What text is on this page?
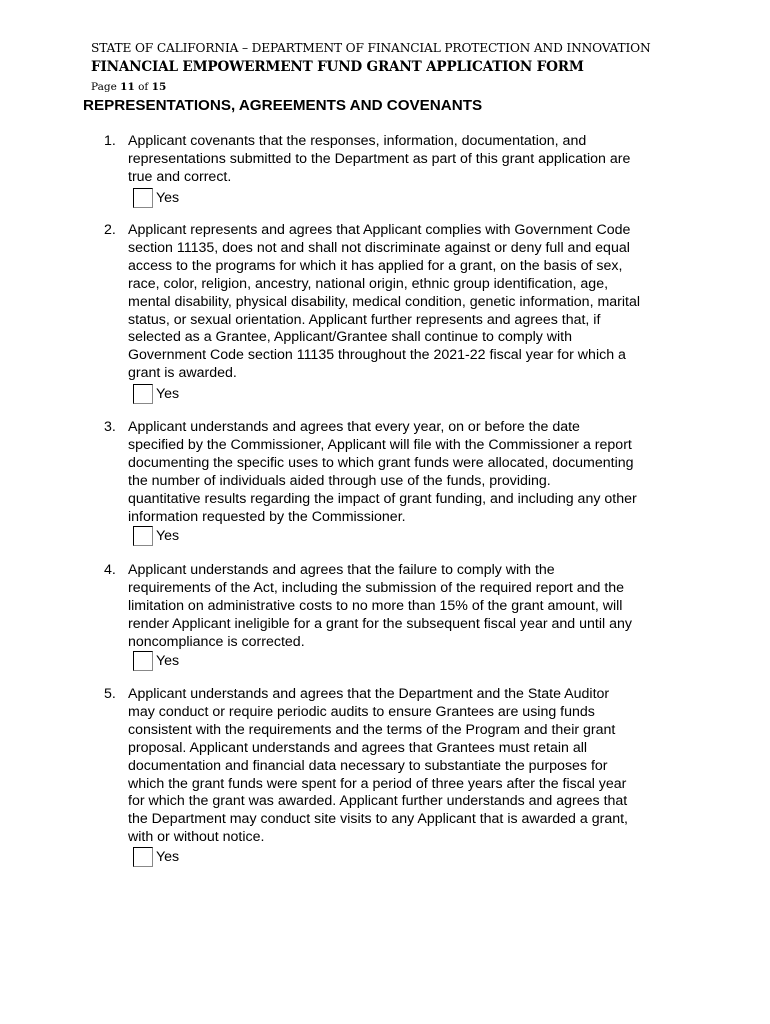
STATE OF CALIFORNIA – DEPARTMENT OF FINANCIAL PROTECTION AND INNOVATION
FINANCIAL EMPOWERMENT FUND GRANT APPLICATION FORM
Page 11 of 15
REPRESENTATIONS, AGREEMENTS AND COVENANTS
1. Applicant covenants that the responses, information, documentation, and
representations submitted to the Department as part of this grant application are
true and correct.
Yes
2. Applicant represents and agrees that Applicant complies with Government Code
section 11135, does not and shall not discriminate against or deny full and equal
access to the programs for which it has applied for a grant, on the basis of sex,
race, color, religion, ancestry, national origin, ethnic group identification, age,
mental disability, physical disability, medical condition, genetic information, marital
status, or sexual orientation. Applicant further represents and agrees that, if
selected as a Grantee, Applicant/Grantee shall continue to comply with
Government Code section 11135 throughout the 2021-22 fiscal year for which a
grant is awarded.
Yes
3. Applicant understands and agrees that every year, on or before the date
specified by the Commissioner, Applicant will file with the Commissioner a report
documenting the specific uses to which grant funds were allocated, documenting
the number of individuals aided through use of the funds, providing.
quantitative results regarding the impact of grant funding, and including any other
information requested by the Commissioner.
Yes
4. Applicant understands and agrees that the failure to comply with the
requirements of the Act, including the submission of the required report and the
limitation on administrative costs to no more than 15% of the grant amount, will
render Applicant ineligible for a grant for the subsequent fiscal year and until any
noncompliance is corrected.
Yes
5. Applicant understands and agrees that the Department and the State Auditor
may conduct or require periodic audits to ensure Grantees are using funds
consistent with the requirements and the terms of the Program and their grant
proposal. Applicant understands and agrees that Grantees must retain all
documentation and financial data necessary to substantiate the purposes for
which the grant funds were spent for a period of three years after the fiscal year
for which the grant was awarded. Applicant further understands and agrees that
the Department may conduct site visits to any Applicant that is awarded a grant,
with or without notice.
Yes
